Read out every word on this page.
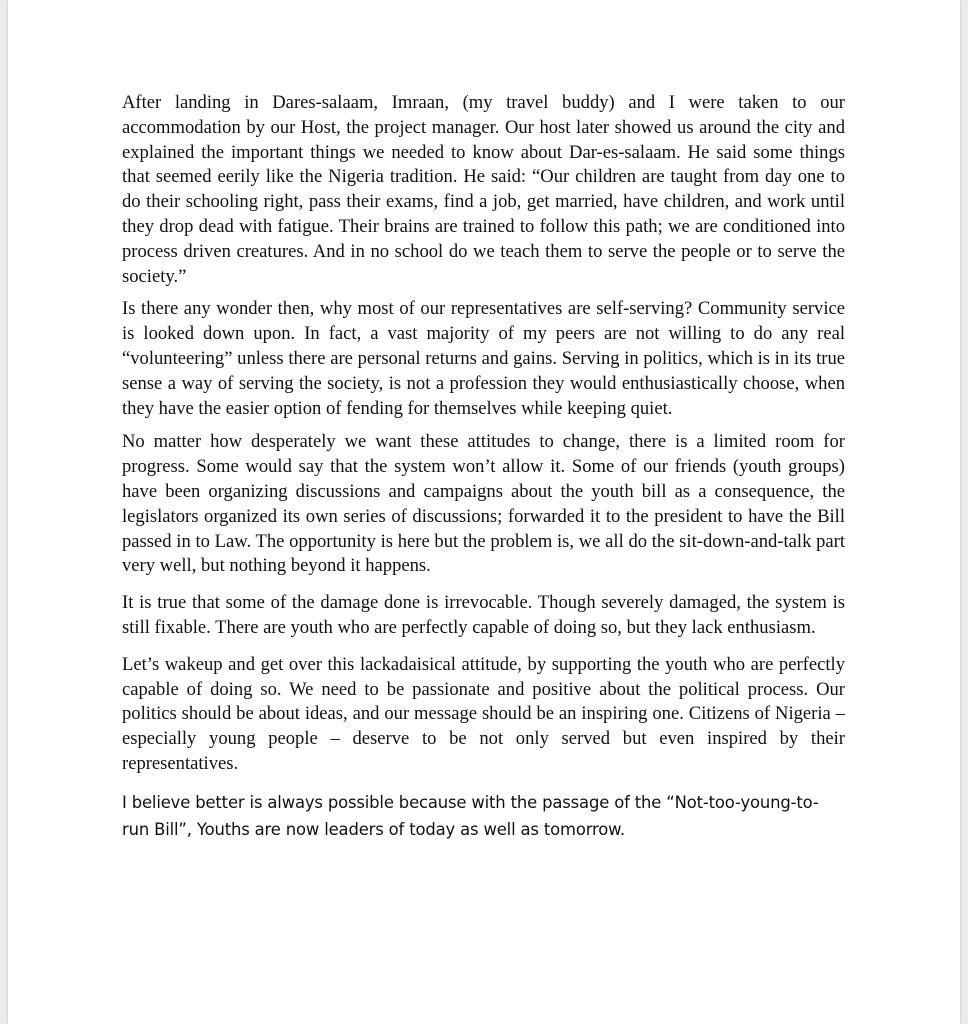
After landing in Dares-salaam, Imraan, (my travel buddy) and I were taken to our accommodation by our Host, the project manager. Our host later showed us around the city and explained the important things we needed to know about Dar-es-salaam. He said some things that seemed eerily like the Nigeria tradition. He said: “Our children are taught from day one to do their schooling right, pass their exams, find a job, get married, have children, and work until they drop dead with fatigue. Their brains are trained to follow this path; we are conditioned into process driven creatures. And in no school do we teach them to serve the people or to serve the society.”

Is there any wonder then, why most of our representatives are self-serving? Community service is looked down upon. In fact, a vast majority of my peers are not willing to do any real “volunteering” unless there are personal returns and gains. Serving in politics, which is in its true sense a way of serving the society, is not a profession they would enthusiastically choose, when they have the easier option of fending for themselves while keeping quiet.

No matter how desperately we want these attitudes to change, there is a limited room for progress. Some would say that the system won’t allow it. Some of our friends (youth groups) have been organizing discussions and campaigns about the youth bill as a consequence, the legislators organized its own series of discussions; forwarded it to the president to have the Bill passed in to Law. The opportunity is here but the problem is, we all do the sit-down-and-talk part very well, but nothing beyond it happens.

It is true that some of the damage done is irrevocable. Though severely damaged, the system is still fixable. There are youth who are perfectly capable of doing so, but they lack enthusiasm.

Let’s wakeup and get over this lackadaisical attitude, by supporting the youth who are perfectly capable of doing so. We need to be passionate and positive about the political process. Our politics should be about ideas, and our message should be an inspiring one. Citizens of Nigeria – especially young people – deserve to be not only served but even inspired by their representatives.

I believe better is always possible because with the passage of the “Not-too-young-to-run Bill”, Youths are now leaders of today as well as tomorrow.
